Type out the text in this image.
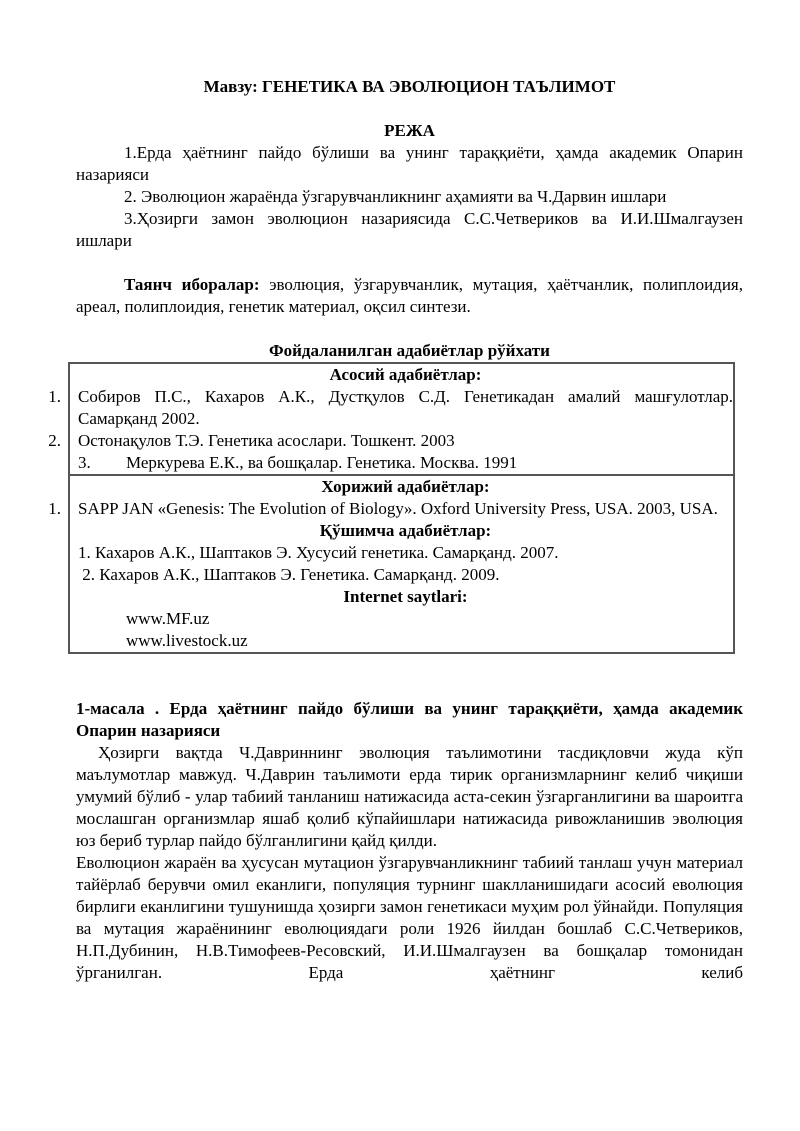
Мавзу: ГЕНЕТИКА ВА ЭВОЛЮЦИОН ТАЪЛИМОТ

РЕЖА

1.Ерда ҳаётнинг пайдо бўлиши ва унинг тараққиёти, ҳамда академик Опарин назарияси

2. Эволюцион жараёнда ўзгарувчанликнинг аҳамияти ва Ч.Дарвин ишлари

3.Ҳозирги замон эволюцион назариясида С.С.Четвериков ва И.И.Шмалгаузен ишлари

Таянч иборалар: эволюция, ўзгарувчанлик, мутация, ҳаётчанлик, полиплоидия, ареал, полиплоидия, генетик материал, оқсил синтези.

Фойдаланилган адабиётлар рўйхати

Асосий адабиётлар:

1. Собиров П.С., Кахаров А.К., Дустқулов С.Д. Генетикадан амалий машғулотлар. Самарқанд 2002.

2. Остонақулов Т.Э. Генетика асослари. Тошкент. 2003

3.	Меркурева Е.К., ва бошқалар. Генетика. Москва. 1991

Хорижий адабиётлар:

1. SAPP JAN «Genesis: The Evolution of Biology». Oxford University Press, USA. 2003, USA.

Қўшимча адабиётлар:

1. Кахаров А.К., Шаптаков Э. Хусусий генетика. Самарқанд. 2007.

2. Кахаров А.К., Шаптаков Э. Генетика. Самарқанд. 2009.

Internet saytlari:

www.MF.uz

www.livestock.uz

1-масала . Ерда ҳаётнинг пайдо бўлиши ва унинг тараққиёти, ҳамда академик Опарин назарияси

Ҳозирги вақтда Ч.Давриннинг эволюция таълимотини тасдиқловчи жуда кўп маълумотлар мавжуд. Ч.Даврин таълимоти ерда тирик организмларнинг келиб чиқиши умумий бўлиб - улар табиий танланиш натижасида аста-секин ўзгарганлигини ва шароитга мослашган организмлар яшаб қолиб кўпайишлари натижасида ривожланишив эволюция юз бериб турлар пайдо бўлганлигини қайд қилди.

Еволюцион жараён ва ҳусусан мутацион ўзгарувчанликнинг табиий танлаш учун материал тайёрлаб берувчи омил еканлиги, популяция турнинг шаклланишидаги асосий еволюция бирлиги еканлигини тушунишда ҳозирги замон генетикаси муҳим рол ўйнайди. Популяция ва мутация жараёнининг еволюциядаги роли 1926 йилдан бошлаб С.С.Четвериков, Н.П.Дубинин, Н.В.Тимофеев-Ресовский, И.И.Шмалгаузен ва бошқалар томонидан ўрганилган. Ерда ҳаётнинг келиб
